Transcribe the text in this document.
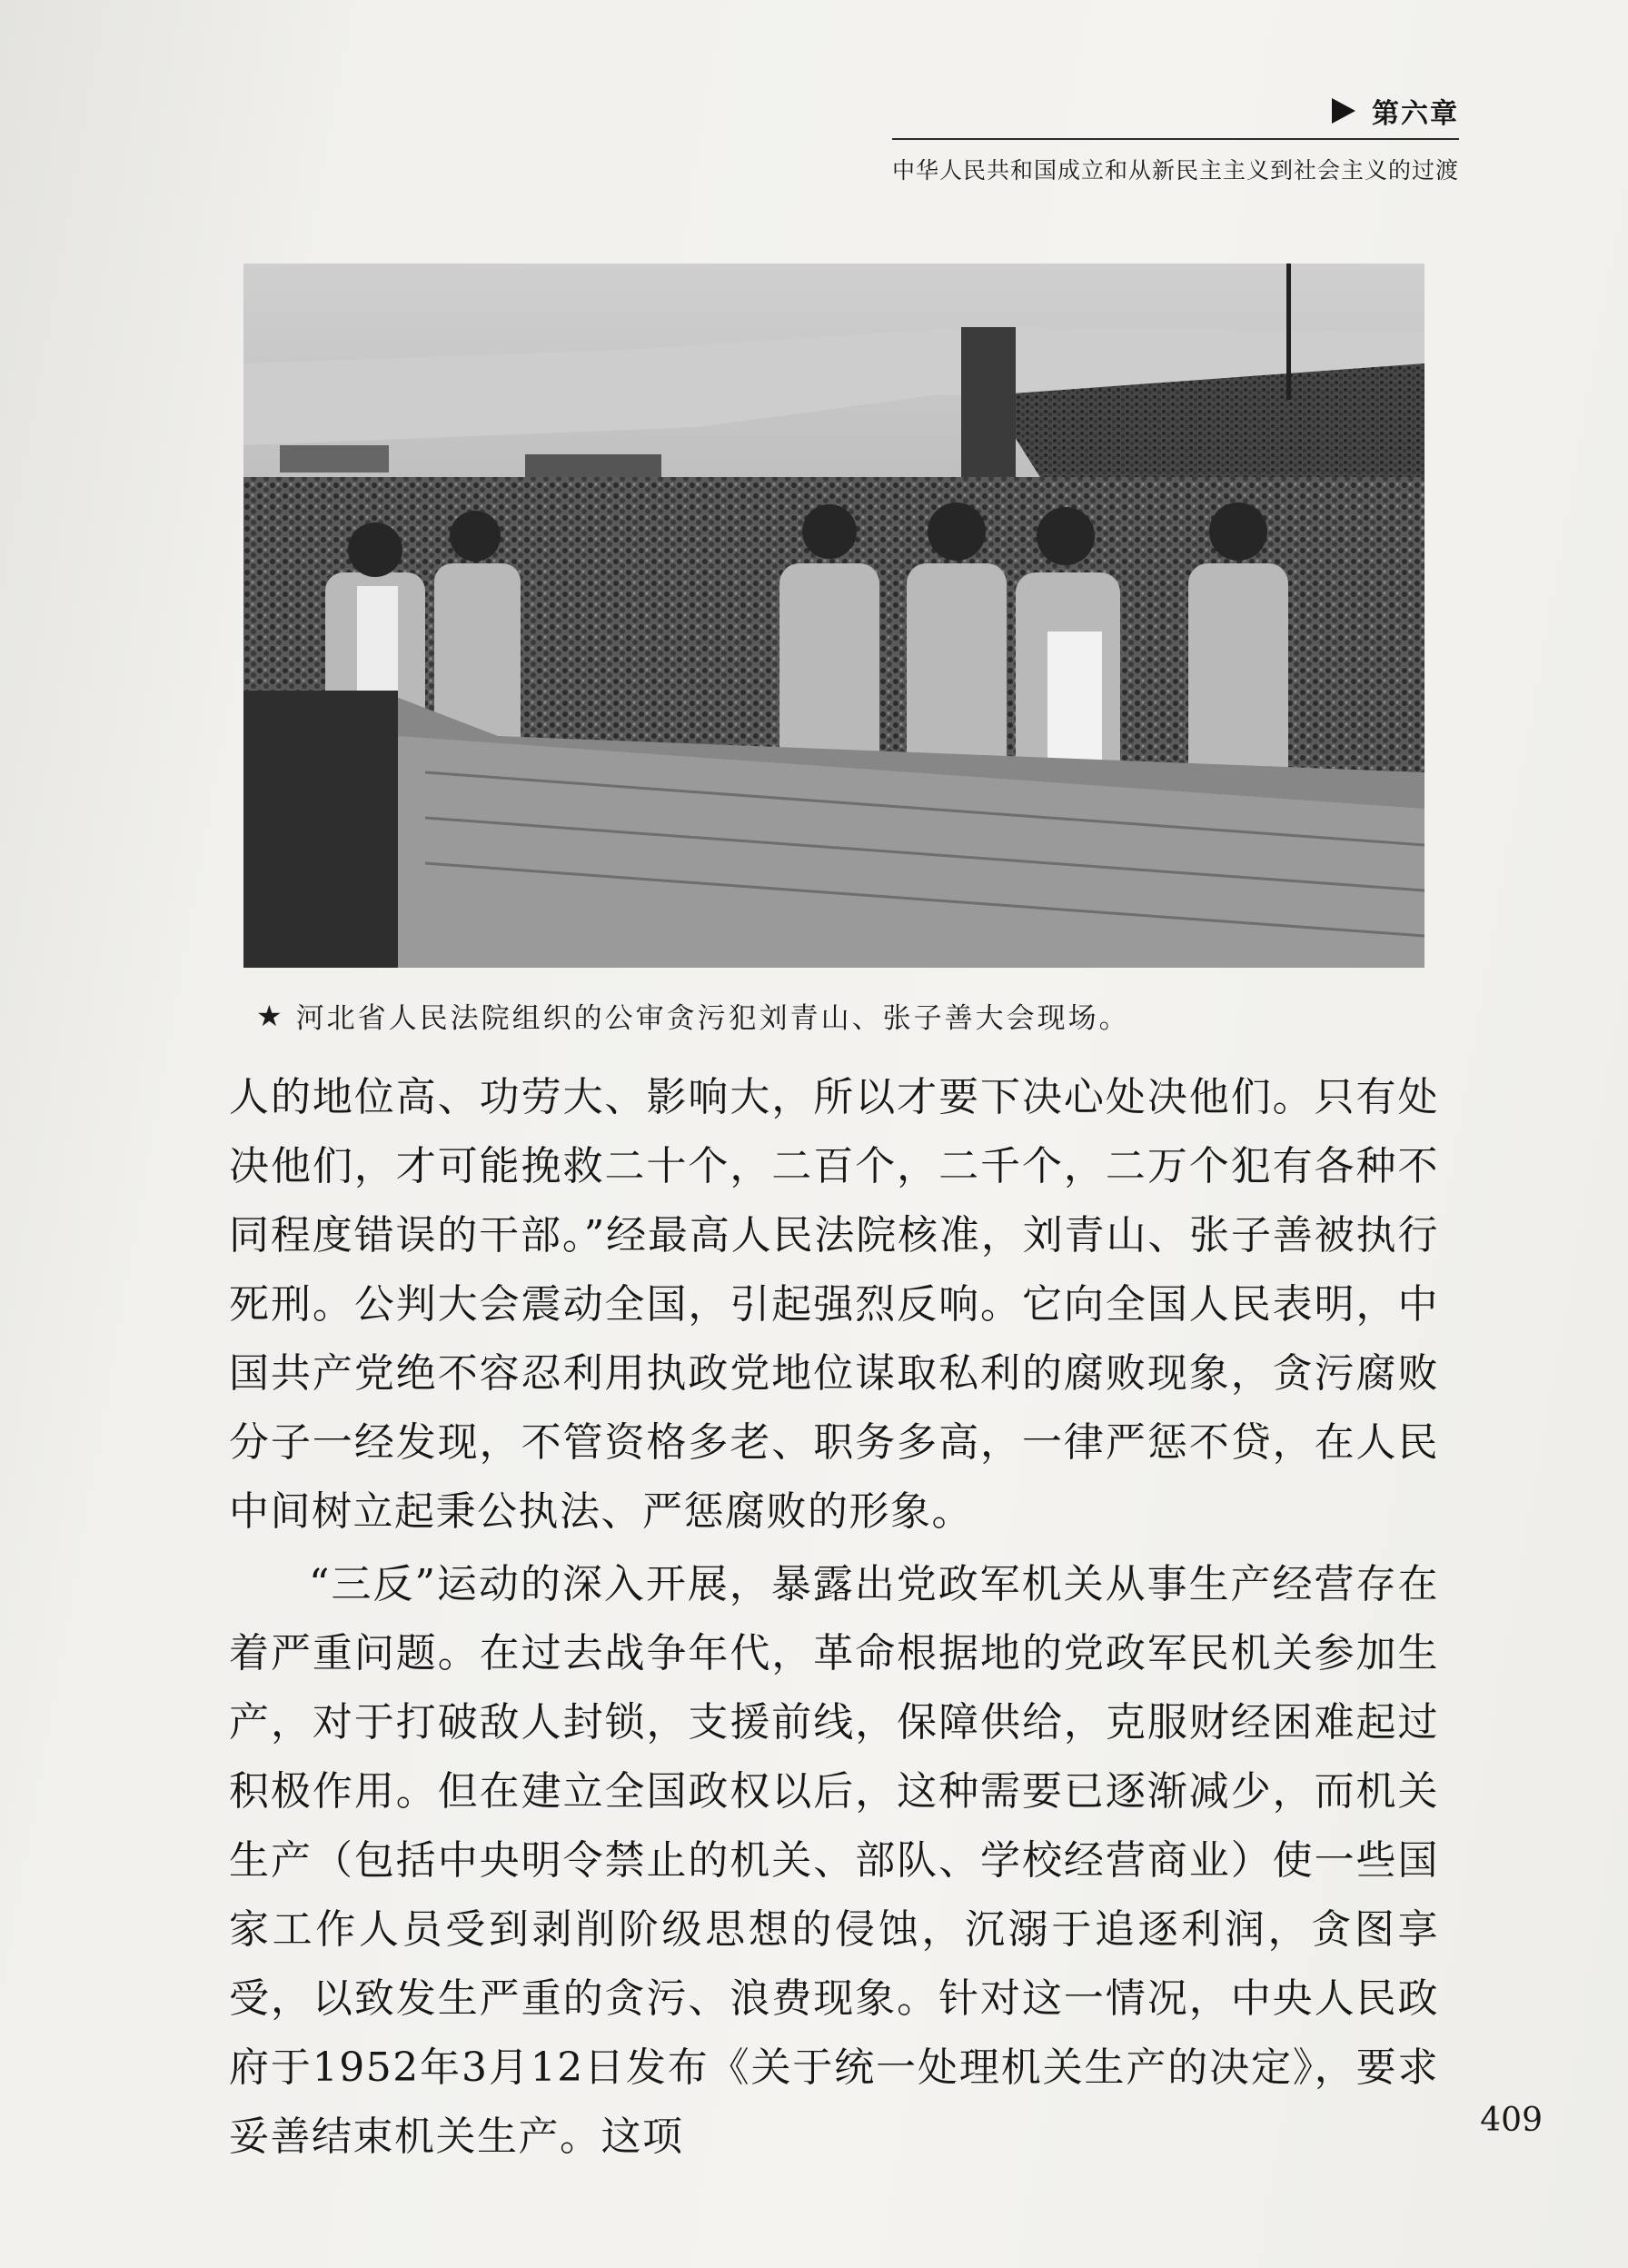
第六章
中华人民共和国成立和从新民主主义到社会主义的过渡
★ 河北省人民法院组织的公审贪污犯刘青山、张子善大会现场。

人的地位高、功劳大、影响大，所以才要下决心处决他们。只有处决他们，才可能挽救二十个，二百个，二千个，二万个犯有各种不同程度错误的干部。”经最高人民法院核准，刘青山、张子善被执行死刑。公判大会震动全国，引起强烈反响。它向全国人民表明，中国共产党绝不容忍利用执政党地位谋取私利的腐败现象，贪污腐败分子一经发现，不管资格多老、职务多高，一律严惩不贷，在人民中间树立起秉公执法、严惩腐败的形象。

“三反”运动的深入开展，暴露出党政军机关从事生产经营存在着严重问题。在过去战争年代，革命根据地的党政军民机关参加生产，对于打破敌人封锁，支援前线，保障供给，克服财经困难起过积极作用。但在建立全国政权以后，这种需要已逐渐减少，而机关生产（包括中央明令禁止的机关、部队、学校经营商业）使一些国家工作人员受到剥削阶级思想的侵蚀，沉溺于追逐利润，贪图享受，以致发生严重的贪污、浪费现象。针对这一情况，中央人民政府于1952年3月12日发布《关于统一处理机关生产的决定》，要求妥善结束机关生产。这项	409
